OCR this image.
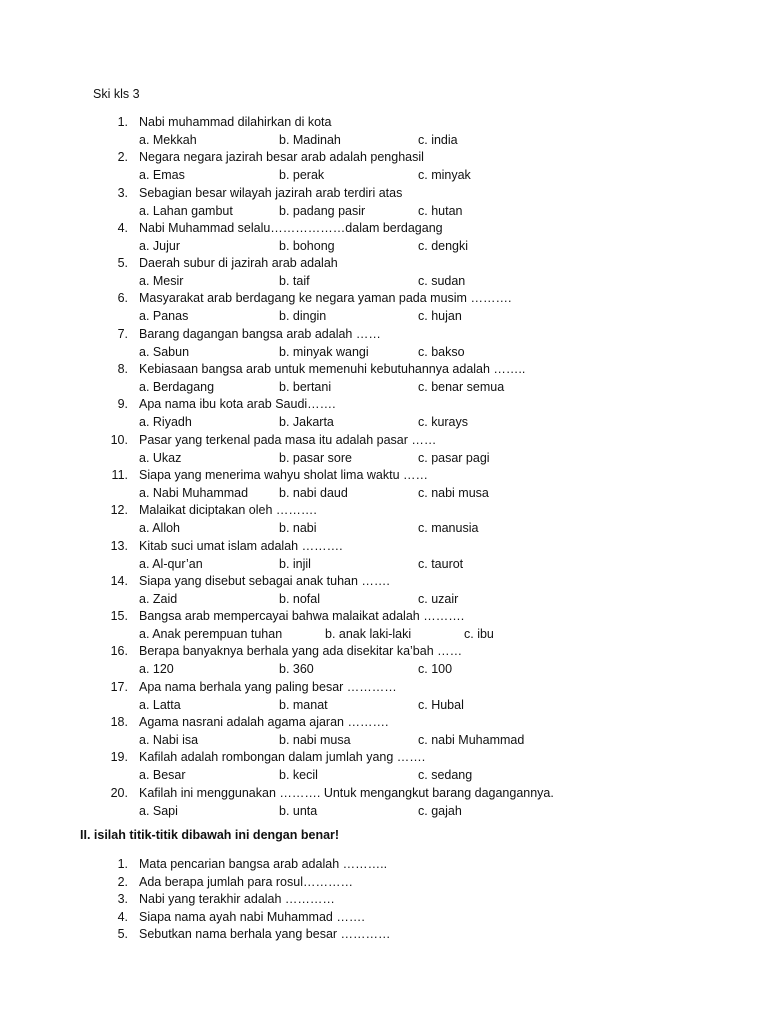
Ski kls 3
1. Nabi muhammad dilahirkan di kota
a. Mekkah	b. Madinah	c. india
2. Negara negara jazirah besar arab adalah penghasil
a. Emas	b. perak	c. minyak
3. Sebagian besar wilayah jazirah arab terdiri atas
a. Lahan gambut	b. padang pasir	c. hutan
4. Nabi Muhammad selalu………………dalam berdagang
a. Jujur	b. bohong	c. dengki
5. Daerah subur di jazirah arab adalah
a. Mesir	b. taif	c. sudan
6. Masyarakat arab berdagang ke negara yaman pada musim ……….
a. Panas	b. dingin	c. hujan
7. Barang dagangan bangsa arab adalah ……
a. Sabun	b. minyak wangi	c. bakso
8. Kebiasaan bangsa arab untuk memenuhi kebutuhannya adalah ……..
a. Berdagang	b. bertani	c. benar semua
9. Apa nama ibu kota arab Saudi…….
a. Riyadh	b. Jakarta	c. kurays
10. Pasar yang terkenal pada masa itu adalah pasar ……
a. Ukaz	b. pasar sore	c. pasar pagi
11. Siapa yang menerima wahyu sholat lima waktu ……
a. Nabi Muhammad b. nabi daud	c. nabi musa
12. Malaikat diciptakan oleh ……….
a. Alloh	b. nabi	c. manusia
13. Kitab suci umat islam adalah ……….
a. Al-qur’an	b. injil	c. taurot
14. Siapa yang disebut sebagai anak tuhan …….
a. Zaid	b. nofal	c. uzair
15. Bangsa arab mempercayai bahwa malaikat adalah ……….
a. Anak perempuan tuhan	b. anak laki-laki	c. ibu
16. Berapa banyaknya berhala yang ada disekitar ka’bah ……
a. 120	b. 360	c. 100
17. Apa nama berhala yang paling besar …………
a. Latta	b. manat	c. Hubal
18. Agama nasrani adalah agama ajaran ……….
a. Nabi isa	b. nabi musa	c. nabi Muhammad
19. Kafilah adalah rombongan dalam jumlah yang …….
a. Besar	b. kecil	c. sedang
20. Kafilah ini menggunakan ………. Untuk mengangkut barang dagangannya.
a. Sapi	b. unta	c. gajah
II. isilah titik-titik dibawah ini dengan benar!
1. Mata pencarian bangsa arab adalah ………..
2. Ada berapa jumlah para rosul…………
3. Nabi yang terakhir adalah …………
4. Siapa nama ayah nabi Muhammad …….
5. Sebutkan nama berhala yang besar …………
